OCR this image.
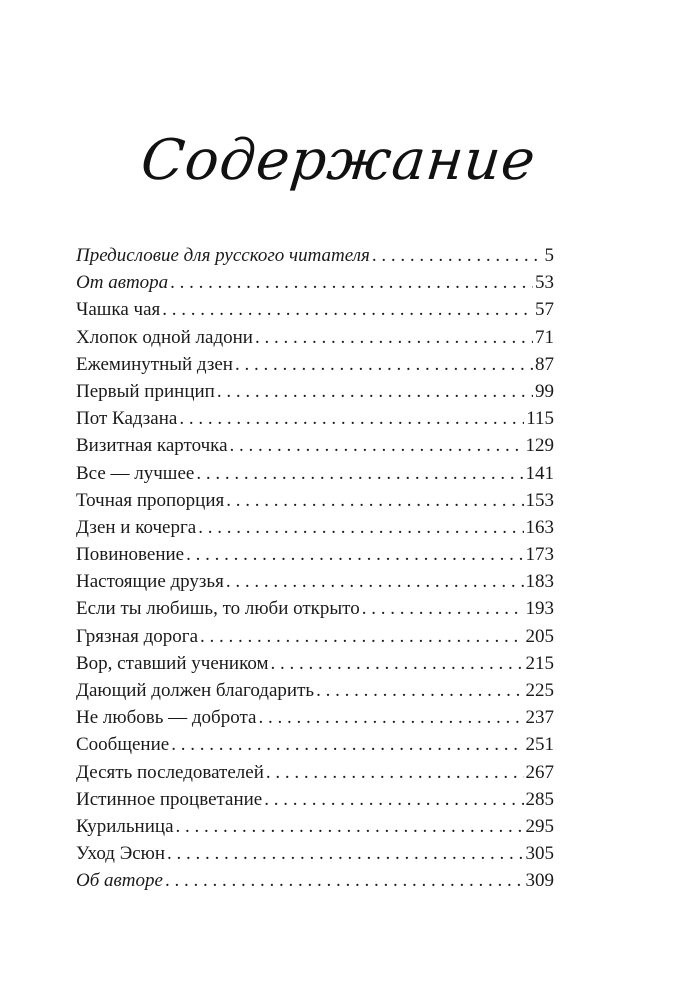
Содержание
Предисловие для русского читателя . . .	5
От автора . . .	53
Чашка чая . . .	57
Хлопок одной ладони . . .	71
Ежеминутный дзен . . .	87
Первый принцип . . .	99
Пот Кадзана . . .	115
Визитная карточка . . .	129
Все — лучшее . . .	141
Точная пропорция . . .	153
Дзен и кочерга . . .	163
Повиновение . . .	173
Настоящие друзья . . .	183
Если ты любишь, то люби открыто . . .	193
Грязная дорога . . .	205
Вор, ставший учеником . . .	215
Дающий должен благодарить . . .	225
Не любовь — доброта . . .	237
Сообщение . . .	251
Десять последователей . . .	267
Истинное процветание . . .	285
Курильница . . .	295
Уход Эсюн . . .	305
Об авторе . . .	309
